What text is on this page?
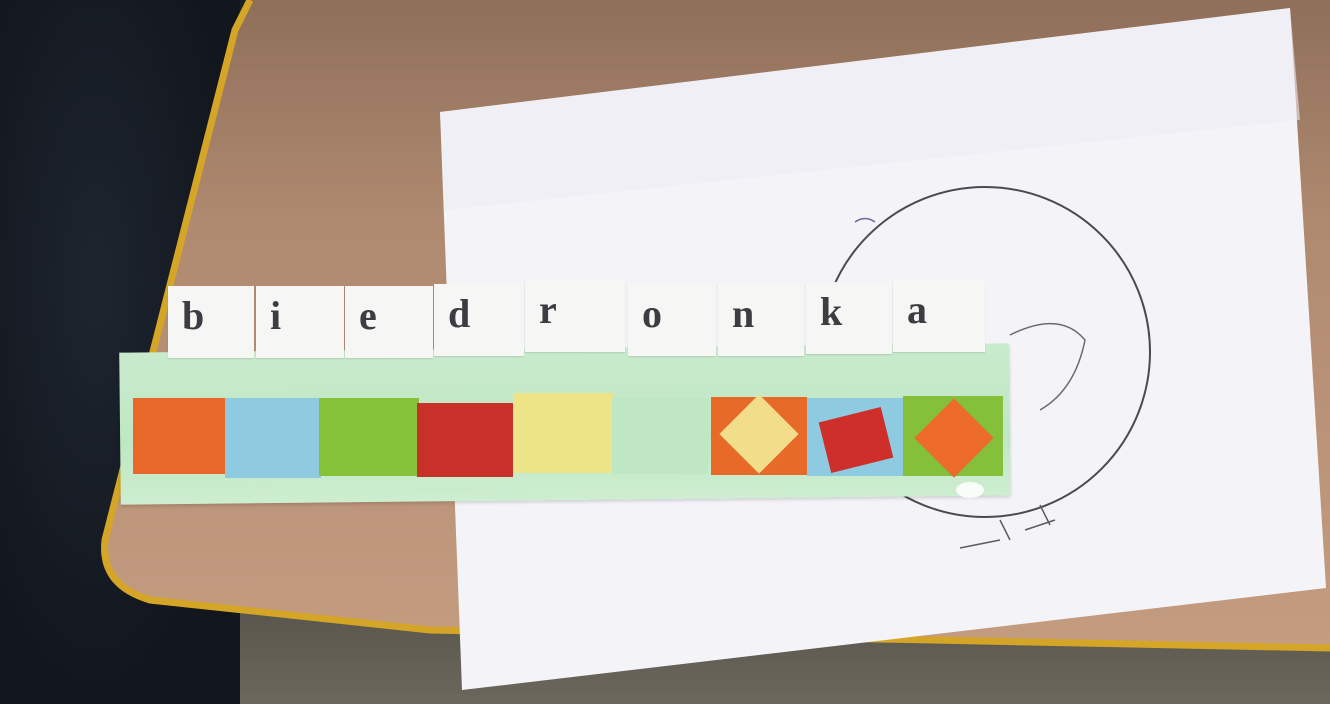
b i e d r o n k a
